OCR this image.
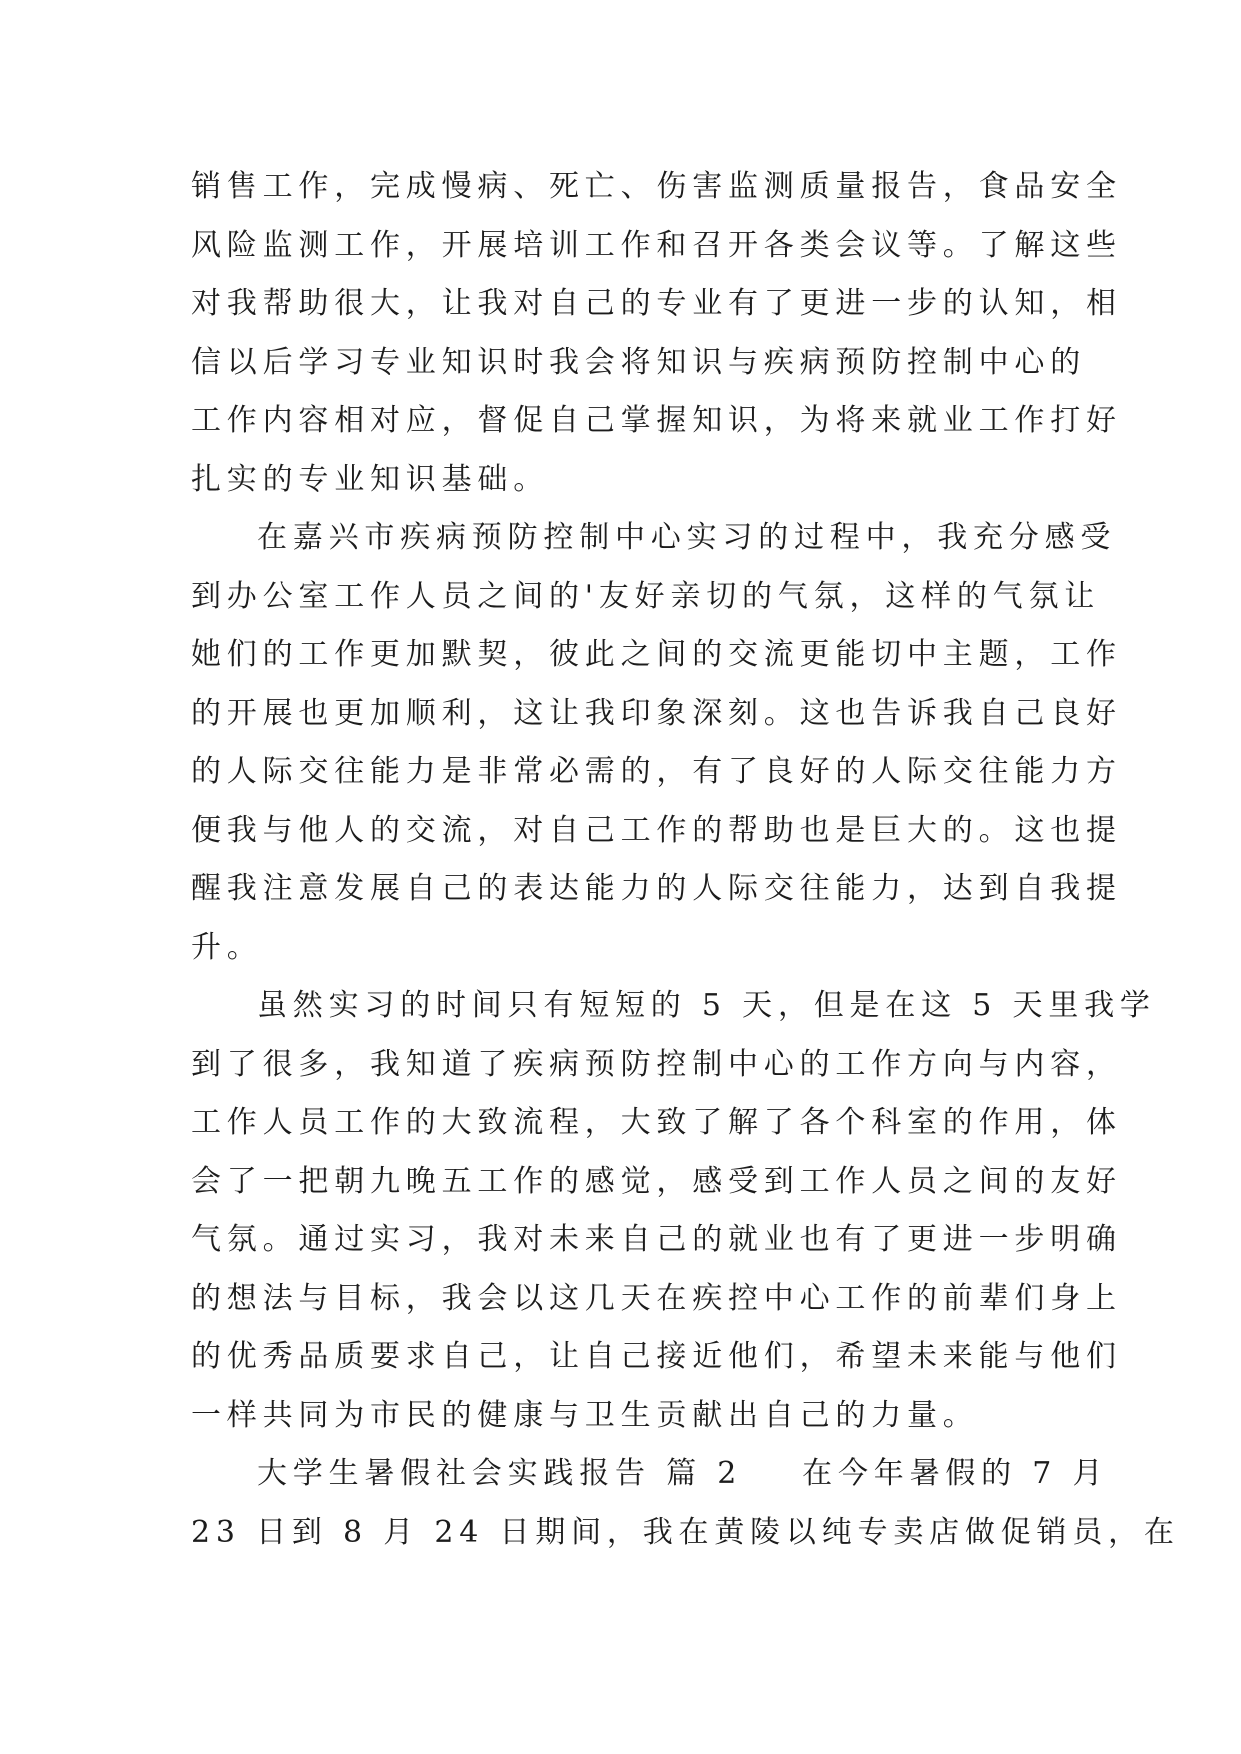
销售工作，完成慢病、死亡、伤害监测质量报告，食品安全
风险监测工作，开展培训工作和召开各类会议等。了解这些
对我帮助很大，让我对自己的专业有了更进一步的认知，相
信以后学习专业知识时我会将知识与疾病预防控制中心的
工作内容相对应，督促自己掌握知识，为将来就业工作打好
扎实的专业知识基础。
在嘉兴市疾病预防控制中心实习的过程中，我充分感受
到办公室工作人员之间的'友好亲切的气氛，这样的气氛让
她们的工作更加默契，彼此之间的交流更能切中主题，工作
的开展也更加顺利，这让我印象深刻。这也告诉我自己良好
的人际交往能力是非常必需的，有了良好的人际交往能力方
便我与他人的交流，对自己工作的帮助也是巨大的。这也提
醒我注意发展自己的表达能力的人际交往能力，达到自我提
升。
虽然实习的时间只有短短的 5 天，但是在这 5 天里我学
到了很多，我知道了疾病预防控制中心的工作方向与内容，
工作人员工作的大致流程，大致了解了各个科室的作用，体
会了一把朝九晚五工作的感觉，感受到工作人员之间的友好
气氛。通过实习，我对未来自己的就业也有了更进一步明确
的想法与目标，我会以这几天在疾控中心工作的前辈们身上
的优秀品质要求自己，让自己接近他们，希望未来能与他们
一样共同为市民的健康与卫生贡献出自己的力量。
大学生暑假社会实践报告 篇 2 在今年暑假的 7 月
23 日到 8 月 24 日期间，我在黄陵以纯专卖店做促销员，在
